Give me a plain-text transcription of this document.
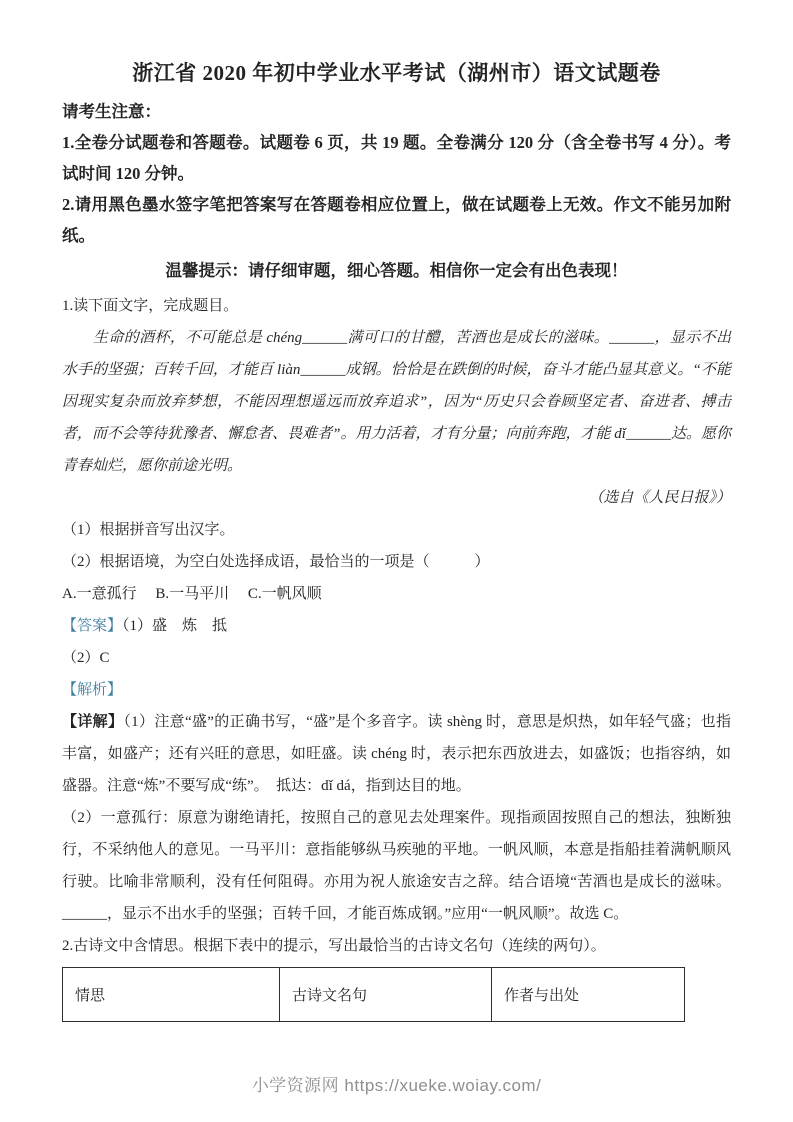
浙江省 2020 年初中学业水平考试（湖州市）语文试题卷

请考生注意：

1.全卷分试题卷和答题卷。试题卷 6 页，共 19 题。全卷满分 120 分（含全卷书写 4 分）。考试时间 120 分钟。

2.请用黑色墨水签字笔把答案写在答题卷相应位置上，做在试题卷上无效。作文不能另加附纸。

温馨提示：请仔细审题，细心答题。相信你一定会有出色表现！

1.读下面文字，完成题目。

生命的酒杯，不可能总是 chéng______满可口的甘醴，苦酒也是成长的滋味。______，显示不出水手的坚强；百转千回，才能百 liàn______成钢。恰恰是在跌倒的时候，奋斗才能凸显其意义。“不能因现实复杂而放弃梦想，不能因理想遥远而放弃追求”，因为“历史只会眷顾坚定者、奋进者、搏击者，而不会等待犹豫者、懈怠者、畏难者”。用力活着，才有分量；向前奔跑，才能 dǐ______达。愿你青春灿烂，愿你前途光明。

（选自《人民日报》）

（1）根据拼音写出汉字。

（2）根据语境，为空白处选择成语，最恰当的一项是（　　　）

A.一意孤行　 B.一马平川　 C.一帆风顺

【答案】（1）盛　炼　抵

（2）C

【解析】

【详解】（1）注意“盛”的正确书写，“盛”是个多音字。读 shèng 时，意思是炽热，如年轻气盛；也指丰富，如盛产；还有兴旺的意思，如旺盛。读 chéng 时，表示把东西放进去，如盛饭；也指容纳，如盛器。注意“炼”不要写成“练”。　抵达：dǐ dá，指到达目的地。

（2）一意孤行：原意为谢绝请托，按照自己的意见去处理案件。现指顽固按照自己的想法，独断独行，不采纳他人的意见。一马平川：意指能够纵马疾驰的平地。一帆风顺，本意是指船挂着满帆顺风行驶。比喻非常顺利，没有任何阻碍。亦用为祝人旅途安吉之辞。结合语境“苦酒也是成长的滋味。______，显示不出水手的坚强；百转千回，才能百炼成钢。”应用“一帆风顺”。故选 C。

2.古诗文中含情思。根据下表中的提示，写出最恰当的古诗文名句（连续的两句）。

情思	古诗文名句	作者与出处
小学资源网 https://xueke.woiay.com/
